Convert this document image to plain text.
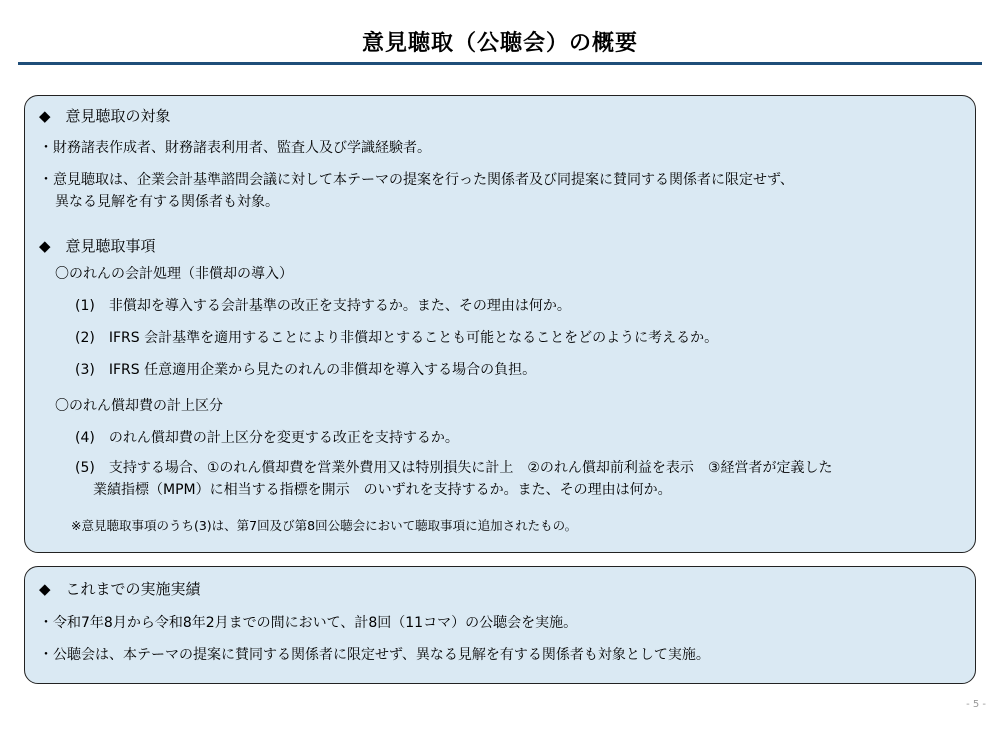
意見聴取（公聴会）の概要
◆　意見聴取の対象
・財務諸表作成者、財務諸表利用者、監査人及び学識経験者。
・意見聴取は、企業会計基準諮問会議に対して本テーマの提案を行った関係者及び同提案に賛同する関係者に限定せず、
異なる見解を有する関係者も対象。
◆　意見聴取事項
〇のれんの会計処理（非償却の導入）
(1)　非償却を導入する会計基準の改正を支持するか。また、その理由は何か。
(2)　IFRS 会計基準を適用することにより非償却とすることも可能となることをどのように考えるか。
(3)　IFRS 任意適用企業から見たのれんの非償却を導入する場合の負担。
〇のれん償却費の計上区分
(4)　のれん償却費の計上区分を変更する改正を支持するか。
(5)　支持する場合、①のれん償却費を営業外費用又は特別損失に計上　②のれん償却前利益を表示　③経営者が定義した
業績指標（MPM）に相当する指標を開示　のいずれを支持するか。また、その理由は何か。
※意見聴取事項のうち(3)は、第7回及び第8回公聴会において聴取事項に追加されたもの。
◆　これまでの実施実績
・令和7年8月から令和8年2月までの間において、計8回（11コマ）の公聴会を実施。
・公聴会は、本テーマの提案に賛同する関係者に限定せず、異なる見解を有する関係者も対象として実施。
- 5 -
